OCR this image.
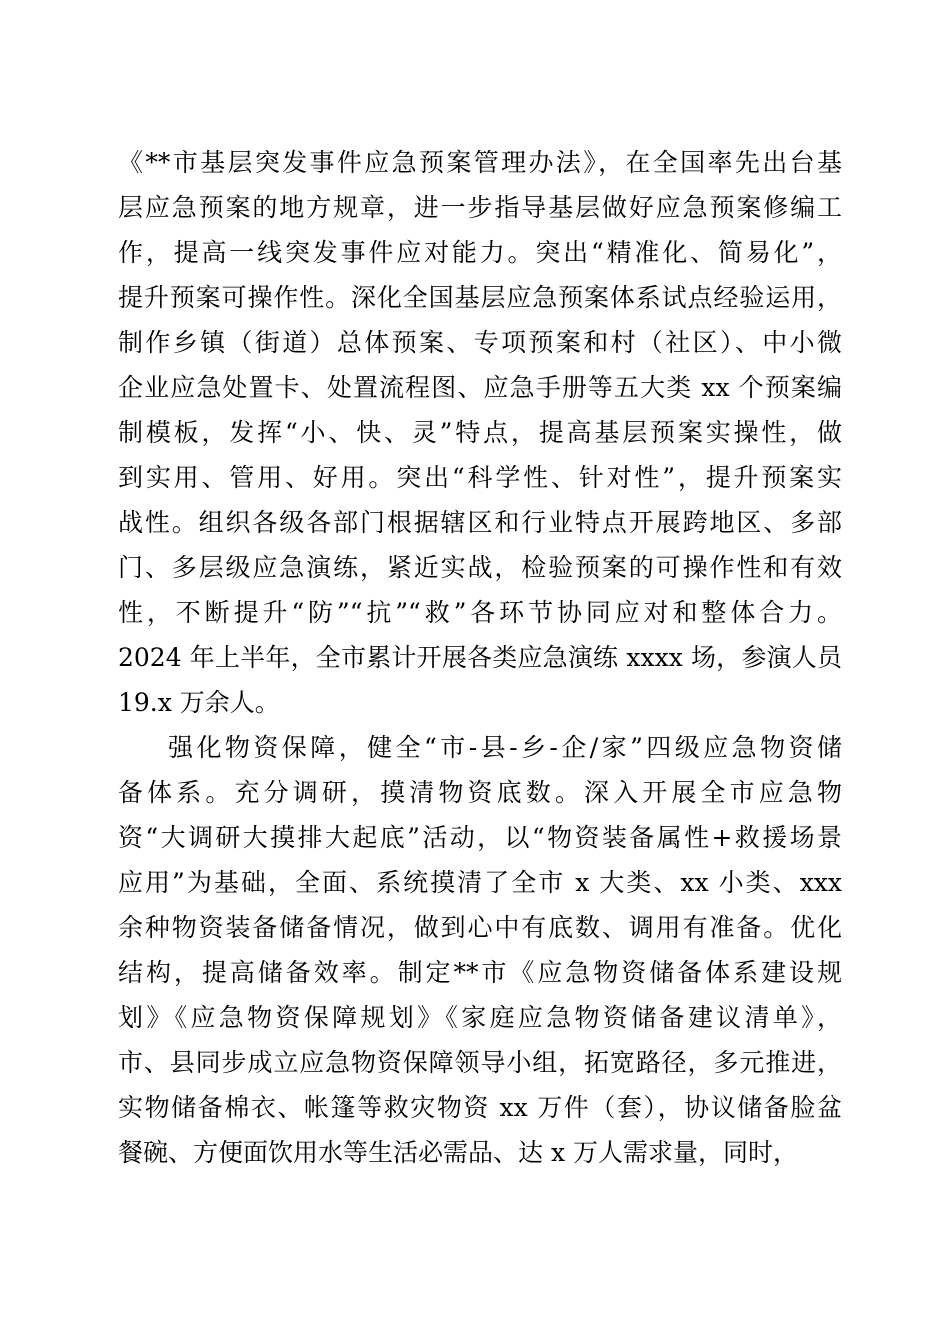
《**市基层突发事件应急预案管理办法》，在全国率先出台基
层应急预案的地方规章，进一步指导基层做好应急预案修编工
作，提高一线突发事件应对能力。突出“精准化、简易化”，
提升预案可操作性。深化全国基层应急预案体系试点经验运用，
制作乡镇（街道）总体预案、专项预案和村（社区）、中小微
企业应急处置卡、处置流程图、应急手册等五大类 xx 个预案编
制模板，发挥“小、快、灵”特点，提高基层预案实操性，做
到实用、管用、好用。突出“科学性、针对性”，提升预案实
战性。组织各级各部门根据辖区和行业特点开展跨地区、多部
门、多层级应急演练，紧近实战，检验预案的可操作性和有效
性，不断提升“防”“抗”“救”各环节协同应对和整体合力。
2024 年上半年，全市累计开展各类应急演练 xxxx 场，参演人员
19.x 万余人。
强化物资保障，健全“市-县-乡-企/家”四级应急物资储
备体系。充分调研，摸清物资底数。深入开展全市应急物
资“大调研大摸排大起底”活动，以“物资装备属性+救援场景
应用”为基础，全面、系统摸清了全市 x 大类、xx 小类、xxx
余种物资装备储备情况，做到心中有底数、调用有准备。优化
结构，提高储备效率。制定**市《应急物资储备体系建设规
划》《应急物资保障规划》《家庭应急物资储备建议清单》，
市、县同步成立应急物资保障领导小组，拓宽路径，多元推进，
实物储备棉衣、帐篷等救灾物资 xx 万件（套），协议储备脸盆
餐碗、方便面饮用水等生活必需品、达 x 万人需求量，同时，
